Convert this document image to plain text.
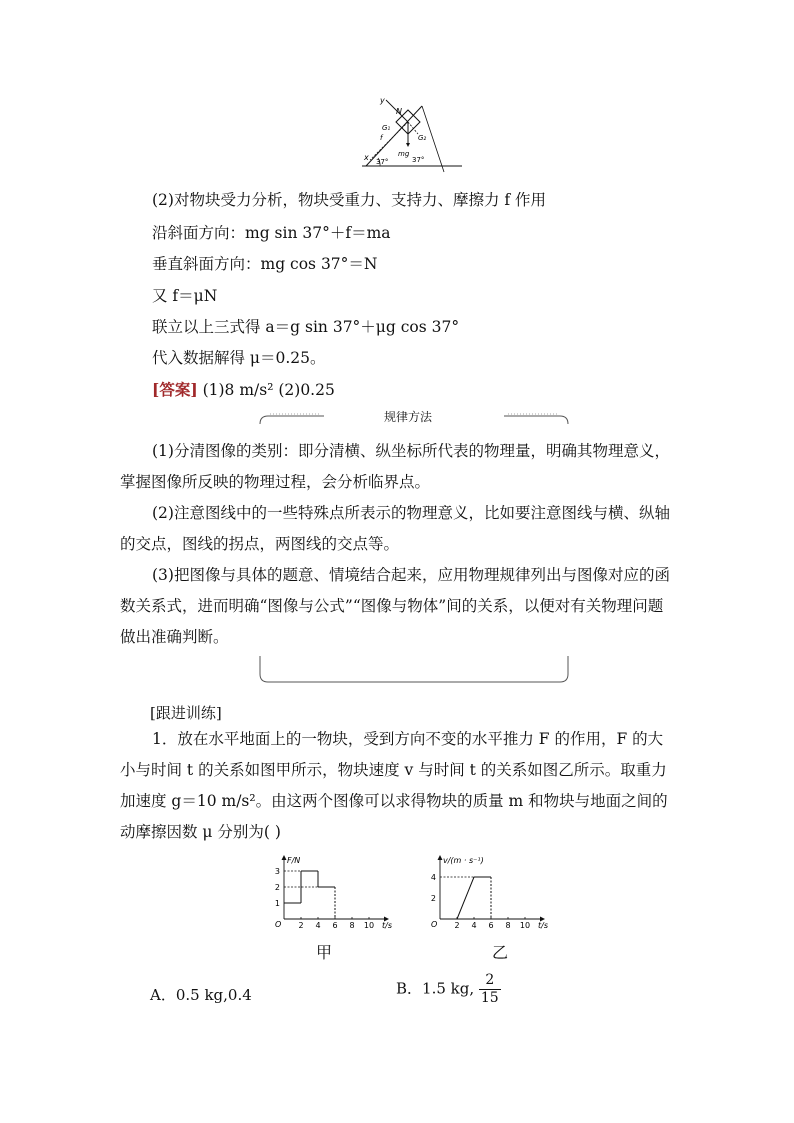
y
N
G₁
G₂
f
mg
x 37°	37°
(2)对物块受力分析，物块受重力、支持力、摩擦力 f 作用
沿斜面方向：mg sin 37°＋f＝ma
垂直斜面方向：mg cos 37°＝N
又 f＝μN
联立以上三式得 a＝g sin 37°＋μg cos 37°
代入数据解得 μ＝0.25。
[答案] (1)8 m/s² (2)0.25
规律方法
(1)分清图像的类别：即分清横、纵坐标所代表的物理量，明确其物理意义，掌握图像所反映的物理过程，会分析临界点。
(2)注意图线中的一些特殊点所表示的物理意义，比如要注意图线与横、纵轴的交点，图线的拐点，两图线的交点等。
(3)把图像与具体的题意、情境结合起来，应用物理规律列出与图像对应的函数关系式，进而明确“图像与公式”“图像与物体”间的关系，以便对有关物理问题做出准确判断。
[跟进训练]
1．放在水平地面上的一物块，受到方向不变的水平推力 F 的作用，F 的大小与时间 t 的关系如图甲所示，物块速度 v 与时间 t 的关系如图乙所示。取重力加速度 g＝10 m/s²。由这两个图像可以求得物块的质量 m 和物块与地面之间的动摩擦因数 μ 分别为( )
2 4 6 8 10
1
2
3
O	t/s
F/N
甲
2 4 6 8 10
2
4
O	t/s
v/(m · s⁻¹)
乙
A．0.5 kg,0.4	B．1.5 kg, $\frac{2}{15}$
